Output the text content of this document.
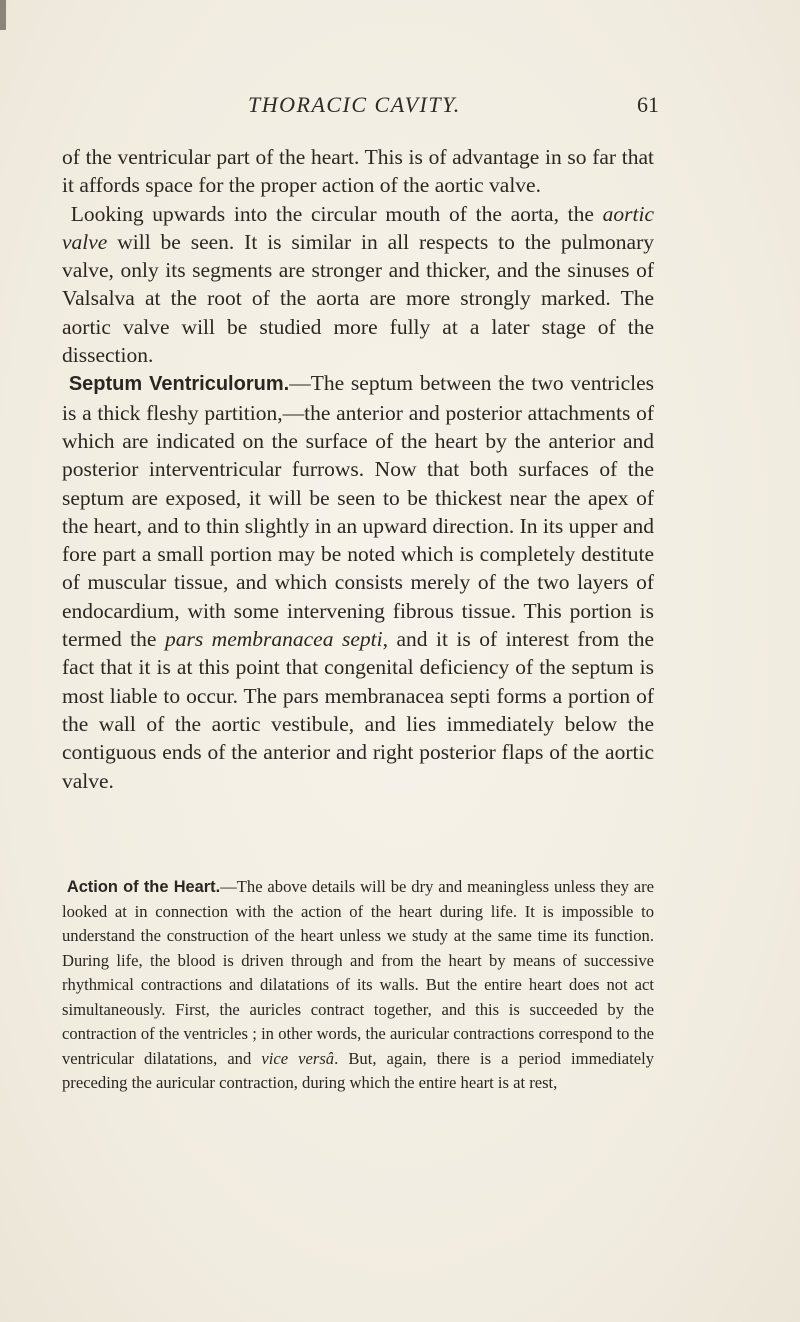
THORACIC CAVITY.	61

of the ventricular part of the heart. This is of advantage in so far that it affords space for the proper action of the aortic valve.

Looking upwards into the circular mouth of the aorta, the aortic valve will be seen. It is similar in all respects to the pulmonary valve, only its segments are stronger and thicker, and the sinuses of Valsalva at the root of the aorta are more strongly marked. The aortic valve will be studied more fully at a later stage of the dissection.

Septum Ventriculorum.—The septum between the two ventricles is a thick fleshy partition,—the anterior and posterior attachments of which are indicated on the surface of the heart by the anterior and posterior interventricular furrows. Now that both surfaces of the septum are exposed, it will be seen to be thickest near the apex of the heart, and to thin slightly in an upward direction. In its upper and fore part a small portion may be noted which is completely destitute of muscular tissue, and which consists merely of the two layers of endocardium, with some intervening fibrous tissue. This portion is termed the pars membranacea septi, and it is of interest from the fact that it is at this point that congenital deficiency of the septum is most liable to occur. The pars membranacea septi forms a portion of the wall of the aortic vestibule, and lies immediately below the contiguous ends of the anterior and right posterior flaps of the aortic valve.

Action of the Heart.—The above details will be dry and meaningless unless they are looked at in connection with the action of the heart during life. It is impossible to understand the construction of the heart unless we study at the same time its function. During life, the blood is driven through and from the heart by means of successive rhythmical contractions and dilatations of its walls. But the entire heart does not act simultaneously. First, the auricles contract together, and this is succeeded by the contraction of the ventricles ; in other words, the auricular contractions correspond to the ventricular dilatations, and vice versâ. But, again, there is a period immediately preceding the auricular contraction, during which the entire heart is at rest,
